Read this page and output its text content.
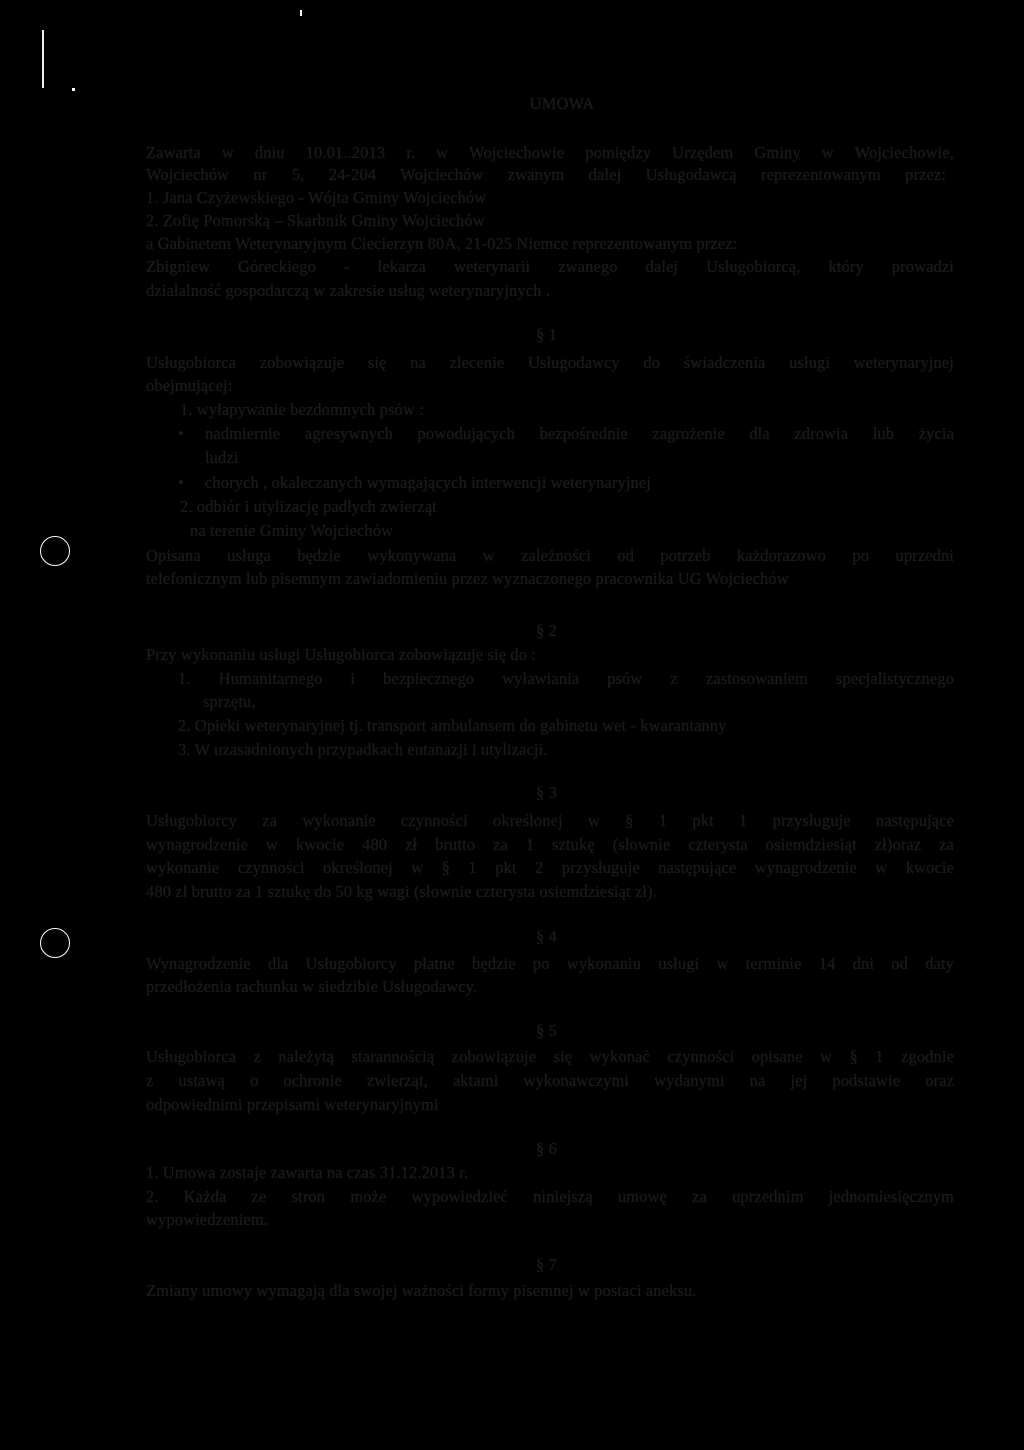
UMOWA
Zawarta w dniu 10.01..2013 r. w Wojciechowie pomiędzy Urzędem Gminy w Wojciechowie,
Wojciechów nr 5, 24-204 Wojciechów zwanym dalej Usługodawcą reprezentowanym przez:
1. Jana Czyżewskiego - Wójta Gminy Wojciechów
2. Zofię Pomorską – Skarbnik Gminy Wojciechów
a Gabinetem Weterynaryjnym Ciecierzyn 80A, 21-025 Niemce reprezentowanym przez:
Zbigniew Góreckiego - lekarza weterynarii zwanego dalej Usługobiorcą, który prowadzi
działalność gospodarczą w zakresie usług weterynaryjnych .
§ 1
Usługobiorca zobowiązuje się na zlecenie Usługodawcy do świadczenia usługi weterynaryjnej
obejmującej:
1. wyłapywanie bezdomnych psów :
• nadmiernie agresywnych powodujących bezpośrednie zagrożenie dla zdrowia lub życia
ludzi
• chorych , okaleczanych wymagających interwencji weterynaryjnej
2. odbiór i utylizację padłych zwierząt
na terenie Gminy Wojciechów
Opisana usługa będzie wykonywana w zależności od potrzeb każdorazowo po uprzedni
telefonicznym lub pisemnym zawiadomieniu przez wyznaczonego pracownika UG Wojciechów
§ 2
Przy wykonaniu usługi Usługobiorca zobowiązuje się do :
1. Humanitarnego i bezpiecznego wyławiania psów z zastosowaniem specjalistycznego
sprzętu,
2. Opieki weterynaryjnej tj. transport ambulansem do gabinetu wet - kwarantanny
3. W uzasadnionych przypadkach eutanazji i utylizacji.
§ 3
Usługobiorcy za wykonanie czynności określonej w § 1 pkt 1 przysługuje następujące
wynagrodzenie w kwocie 480 zł brutto za 1 sztukę (słownie czterysta osiemdziesiąt zł)oraz za
wykonanie czynności określonej w § 1 pkt 2 przysługuje następujące wynagrodzenie w kwocie
480 zł brutto za 1 sztukę do 50 kg wagi (słownie czterysta osiemdziesiąt zł).
§ 4
Wynagrodzenie dla Usługobiorcy płatne będzie po wykonaniu usługi w terminie 14 dni od daty
przedłożenia rachunku w siedzibie Usługodawcy.
§ 5
Usługobiorca z należytą starannością zobowiązuje się wykonać czynności opisane w § 1 zgodnie
z ustawą o ochronie zwierząt, aktami wykonawczymi wydanymi na jej podstawie oraz
odpowiednimi przepisami weterynaryjnymi
§ 6
1. Umowa zostaje zawarta na czas 31.12.2013 r.
2. Każda ze stron może wypowiedzieć niniejszą umowę za uprzednim jednomiesięcznym
wypowiedzeniem.
§ 7
Zmiany umowy wymagają dla swojej ważności formy pisemnej w postaci aneksu.
